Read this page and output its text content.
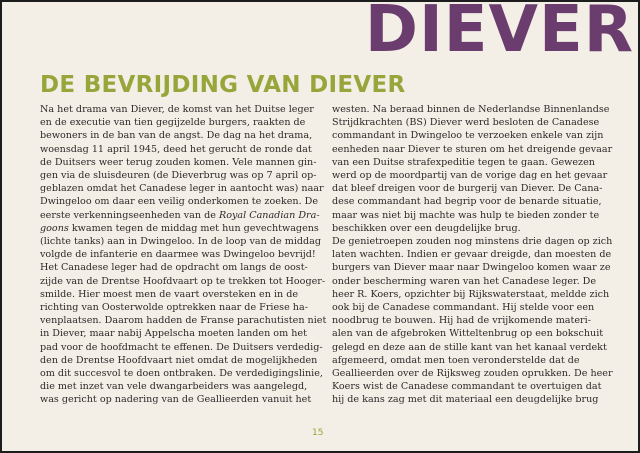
DIEVER
DE BEVRIJDING VAN DIEVER
Na het drama van Diever, de komst van het Duitse leger
en de executie van tien gegijzelde burgers, raakten de
bewoners in de ban van de angst. De dag na het drama,
woensdag 11 april 1945, deed het gerucht de ronde dat
de Duitsers weer terug zouden komen. Vele mannen gin-
gen via de sluisdeuren (de Dieverbrug was op 7 april op-
geblazen omdat het Canadese leger in aantocht was) naar
Dwingeloo om daar een veilig onderkomen te zoeken. De
eerste verkenningseenheden van de Royal Canadian Dra-
goons kwamen tegen de middag met hun gevechtwagens
(lichte tanks) aan in Dwingeloo. In de loop van de middag
volgde de infanterie en daarmee was Dwingeloo bevrijd!
Het Canadese leger had de opdracht om langs de oost-
zijde van de Drentse Hoofdvaart op te trekken tot Hooger-
smilde. Hier moest men de vaart oversteken en in de
richting van Oosterwolde optrekken naar de Friese ha-
venplaatsen. Daarom hadden de Franse parachutisten niet
in Diever, maar nabij Appelscha moeten landen om het
pad voor de hoofdmacht te effenen. De Duitsers verdedig-
den de Drentse Hoofdvaart niet omdat de mogelijkheden
om dit succesvol te doen ontbraken. De verdedigingslinie,
die met inzet van vele dwangarbeiders was aangelegd,
was gericht op nadering van de Geallieerden vanuit het
westen. Na beraad binnen de Nederlandse Binnenlandse
Strijdkrachten (BS) Diever werd besloten de Canadese
commandant in Dwingeloo te verzoeken enkele van zijn
eenheden naar Diever te sturen om het dreigende gevaar
van een Duitse strafexpeditie tegen te gaan. Gewezen
werd op de moordpartij van de vorige dag en het gevaar
dat bleef dreigen voor de burgerij van Diever. De Cana-
dese commandant had begrip voor de benarde situatie,
maar was niet bij machte was hulp te bieden zonder te
beschikken over een deugdelijke brug.
De genietroepen zouden nog minstens drie dagen op zich
laten wachten. Indien er gevaar dreigde, dan moesten de
burgers van Diever maar naar Dwingeloo komen waar ze
onder bescherming waren van het Canadese leger. De
heer R. Koers, opzichter bij Rijkswaterstaat, meldde zich
ook bij de Canadese commandant. Hij stelde voor een
noodbrug te bouwen. Hij had de vrijkomende materi-
alen van de afgebroken Witteltenbrug op een bokschuit
gelegd en deze aan de stille kant van het kanaal verdekt
afgemeerd, omdat men toen veronderstelde dat de
Geallieerden over de Rijksweg zouden oprukken. De heer
Koers wist de Canadese commandant te overtuigen dat
hij de kans zag met dit materiaal een deugdelijke brug
15
